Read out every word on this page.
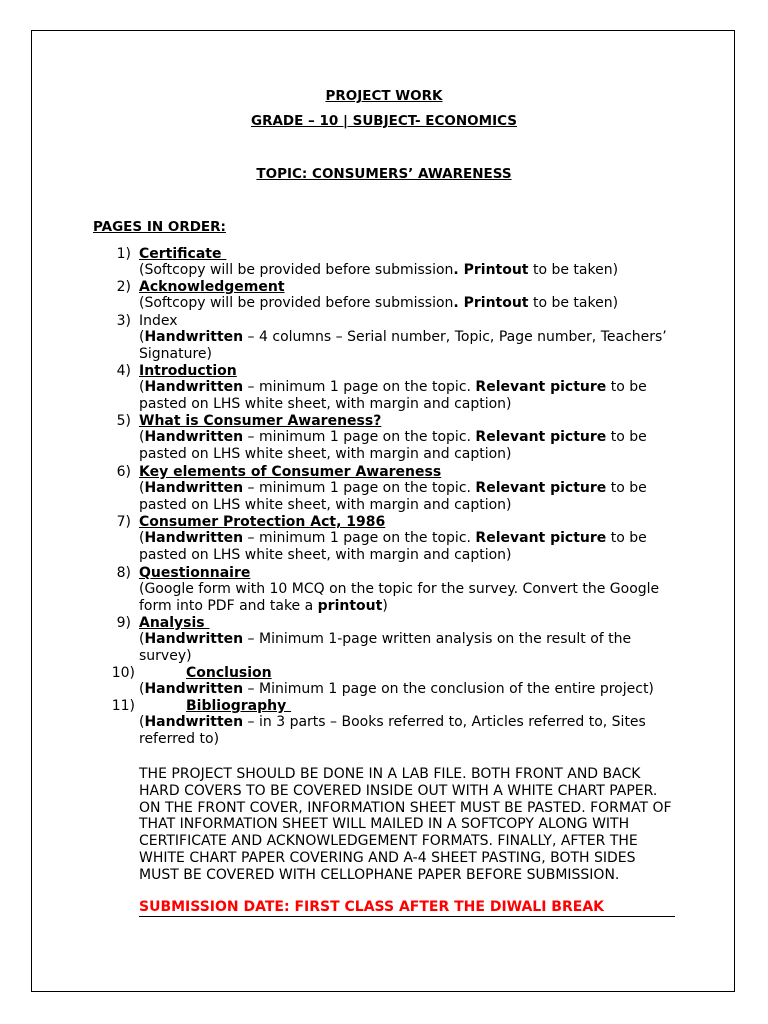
PROJECT WORK
GRADE – 10 | SUBJECT- ECONOMICS
TOPIC: CONSUMERS’ AWARENESS
PAGES IN ORDER:
1) Certificate
(Softcopy will be provided before submission. Printout to be taken)
2) Acknowledgement
(Softcopy will be provided before submission. Printout to be taken)
3) Index
(Handwritten – 4 columns – Serial number, Topic, Page number, Teachers’ Signature)
4) Introduction
(Handwritten – minimum 1 page on the topic. Relevant picture to be pasted on LHS white sheet, with margin and caption)
5) What is Consumer Awareness?
(Handwritten – minimum 1 page on the topic. Relevant picture to be pasted on LHS white sheet, with margin and caption)
6) Key elements of Consumer Awareness
(Handwritten – minimum 1 page on the topic. Relevant picture to be pasted on LHS white sheet, with margin and caption)
7) Consumer Protection Act, 1986
(Handwritten – minimum 1 page on the topic. Relevant picture to be pasted on LHS white sheet, with margin and caption)
8) Questionnaire
(Google form with 10 MCQ on the topic for the survey. Convert the Google form into PDF and take a printout)
9) Analysis
(Handwritten – Minimum 1-page written analysis on the result of the survey)
10)	Conclusion
(Handwritten – Minimum 1 page on the conclusion of the entire project)
11)	Bibliography
(Handwritten – in 3 parts – Books referred to, Articles referred to, Sites referred to)
THE PROJECT SHOULD BE DONE IN A LAB FILE. BOTH FRONT AND BACK HARD COVERS TO BE COVERED INSIDE OUT WITH A WHITE CHART PAPER. ON THE FRONT COVER, INFORMATION SHEET MUST BE PASTED. FORMAT OF THAT INFORMATION SHEET WILL MAILED IN A SOFTCOPY ALONG WITH CERTIFICATE AND ACKNOWLEDGEMENT FORMATS. FINALLY, AFTER THE WHITE CHART PAPER COVERING AND A-4 SHEET PASTING, BOTH SIDES MUST BE COVERED WITH CELLOPHANE PAPER BEFORE SUBMISSION.
SUBMISSION DATE: FIRST CLASS AFTER THE DIWALI BREAK
